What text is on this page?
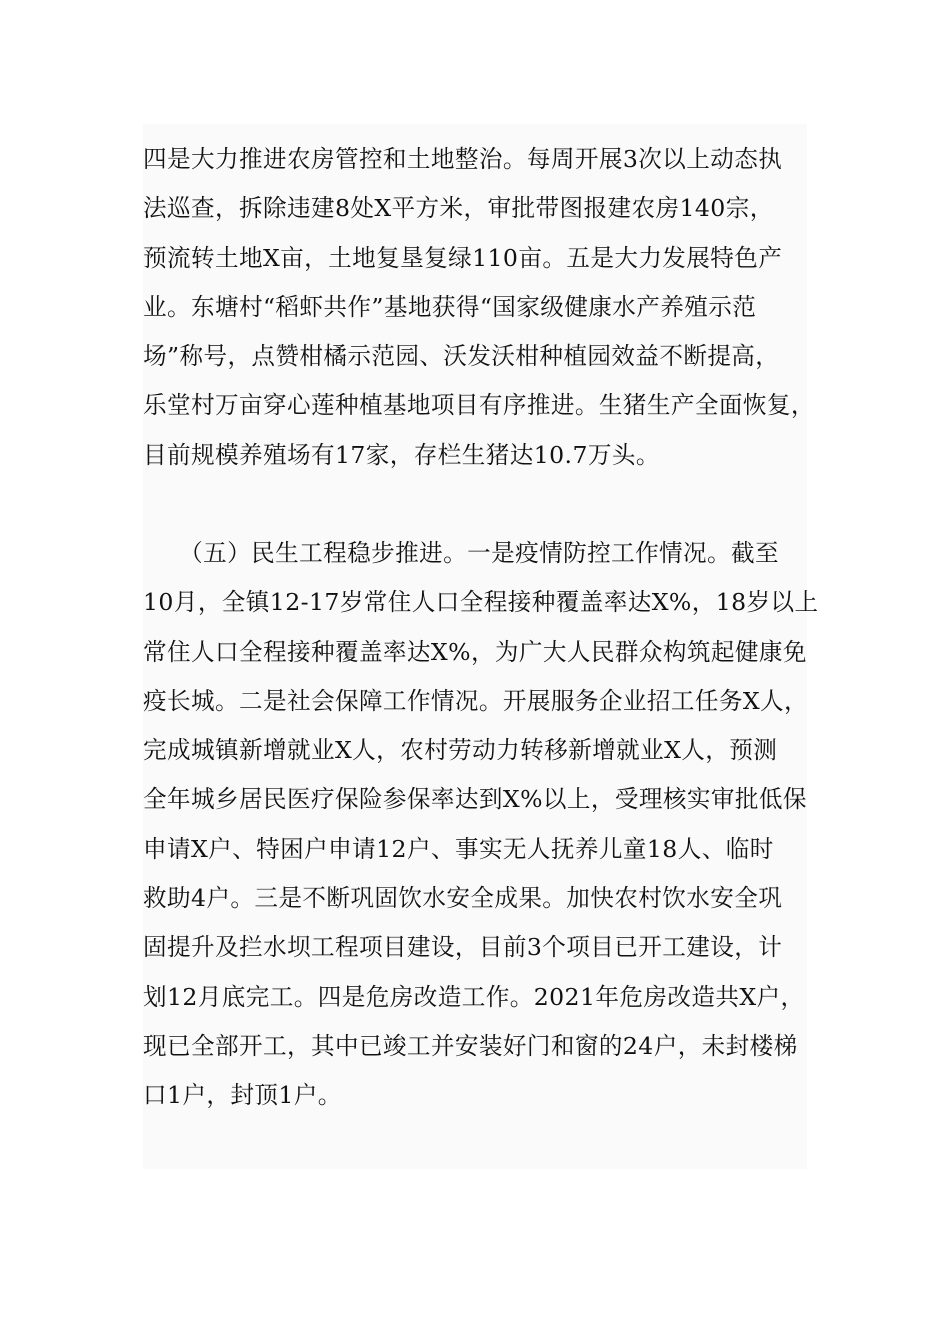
四是大力推进农房管控和土地整治。每周开展3次以上动态执
法巡查，拆除违建8处X平方米，审批带图报建农房140宗，
预流转土地X亩，土地复垦复绿110亩。五是大力发展特色产
业。东塘村“稻虾共作”基地获得“国家级健康水产养殖示范
场”称号，点赞柑橘示范园、沃发沃柑种植园效益不断提高，
乐堂村万亩穿心莲种植基地项目有序推进。生猪生产全面恢复，
目前规模养殖场有17家，存栏生猪达10.7万头。

　　（五）民生工程稳步推进。一是疫情防控工作情况。截至
10月，全镇12-17岁常住人口全程接种覆盖率达X%，18岁以上
常住人口全程接种覆盖率达X%，为广大人民群众构筑起健康免
疫长城。二是社会保障工作情况。开展服务企业招工任务X人，
完成城镇新增就业X人，农村劳动力转移新增就业X人，预测
全年城乡居民医疗保险参保率达到X%以上，受理核实审批低保
申请X户、特困户申请12户、事实无人抚养儿童18人、临时
救助4户。三是不断巩固饮水安全成果。加快农村饮水安全巩
固提升及拦水坝工程项目建设，目前3个项目已开工建设，计
划12月底完工。四是危房改造工作。2021年危房改造共X户，
现已全部开工，其中已竣工并安装好门和窗的24户，未封楼梯
口1户，封顶1户。
